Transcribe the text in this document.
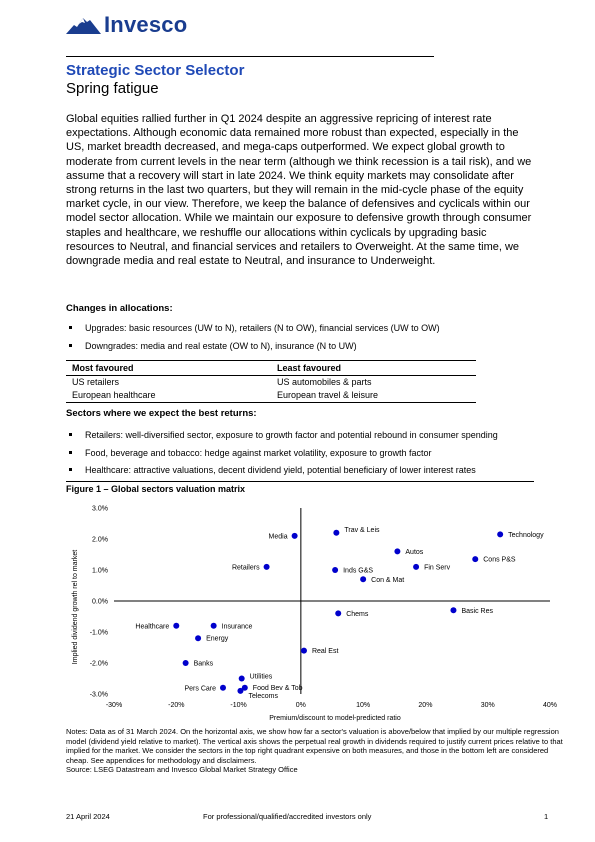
Invesco
Strategic Sector Selector
Spring fatigue

Global equities rallied further in Q1 2024 despite an aggressive repricing of interest rate expectations. Although economic data remained more robust than expected, especially in the US, market breadth decreased, and mega-caps outperformed. We expect global growth to moderate from current levels in the near term (although we think recession is a tail risk), and we assume that a recovery will start in late 2024. We think equity markets may consolidate after strong returns in the last two quarters, but they will remain in the mid-cycle phase of the equity market cycle, in our view. Therefore, we keep the balance of defensives and cyclicals within our model sector allocation. While we maintain our exposure to defensive growth through consumer staples and healthcare, we reshuffle our allocations within cyclicals by upgrading basic resources to Neutral, and financial services and retailers to Overweight. At the same time, we downgrade media and real estate to Neutral, and insurance to Underweight.

Changes in allocations:
Upgrades: basic resources (UW to N), retailers (N to OW), financial services (UW to OW)
Downgrades: media and real estate (OW to N), insurance (N to UW)
Most favoured	Least favoured
US retailers	US automobiles & parts
European healthcare	European travel & leisure
Sectors where we expect the best returns:
Retailers: well-diversified sector, exposure to growth factor and potential rebound in consumer spending
Food, beverage and tobacco: hedge against market volatility, exposure to growth factor
Healthcare: attractive valuations, decent dividend yield, potential beneficiary of lower interest rates
Figure 1 – Global sectors valuation matrix
Implied dividend growth rel to market
Premium/discount to model-predicted ratio
3.0%
2.0%
1.0%
0.0%
-1.0%
-2.0%
-3.0%
-30%	-20%	-10%	0%	10%	20%	30%	40%
Media
Trav & Leis
Technology
Autos
Cons P&S
Retailers	Inds G&S	Fin Serv
Con & Mat
Chems	Basic Res
Healthcare	Insurance
Energy
Real Est
Banks
Utilities
Pers Care	Food Bev & Tob
Telecoms

Notes: Data as of 31 March 2024. On the horizontal axis, we show how far a sector's valuation is above/below that implied by our multiple regression model (dividend yield relative to market). The vertical axis shows the perpetual real growth in dividends required to justify current prices relative to that implied for the market. We consider the sectors in the top right quadrant expensive on both measures, and those in the bottom left are considered cheap. See appendices for methodology and disclaimers.
Source: LSEG Datastream and Invesco Global Market Strategy Office

21 April 2024	For professional/qualified/accredited investors only	1
